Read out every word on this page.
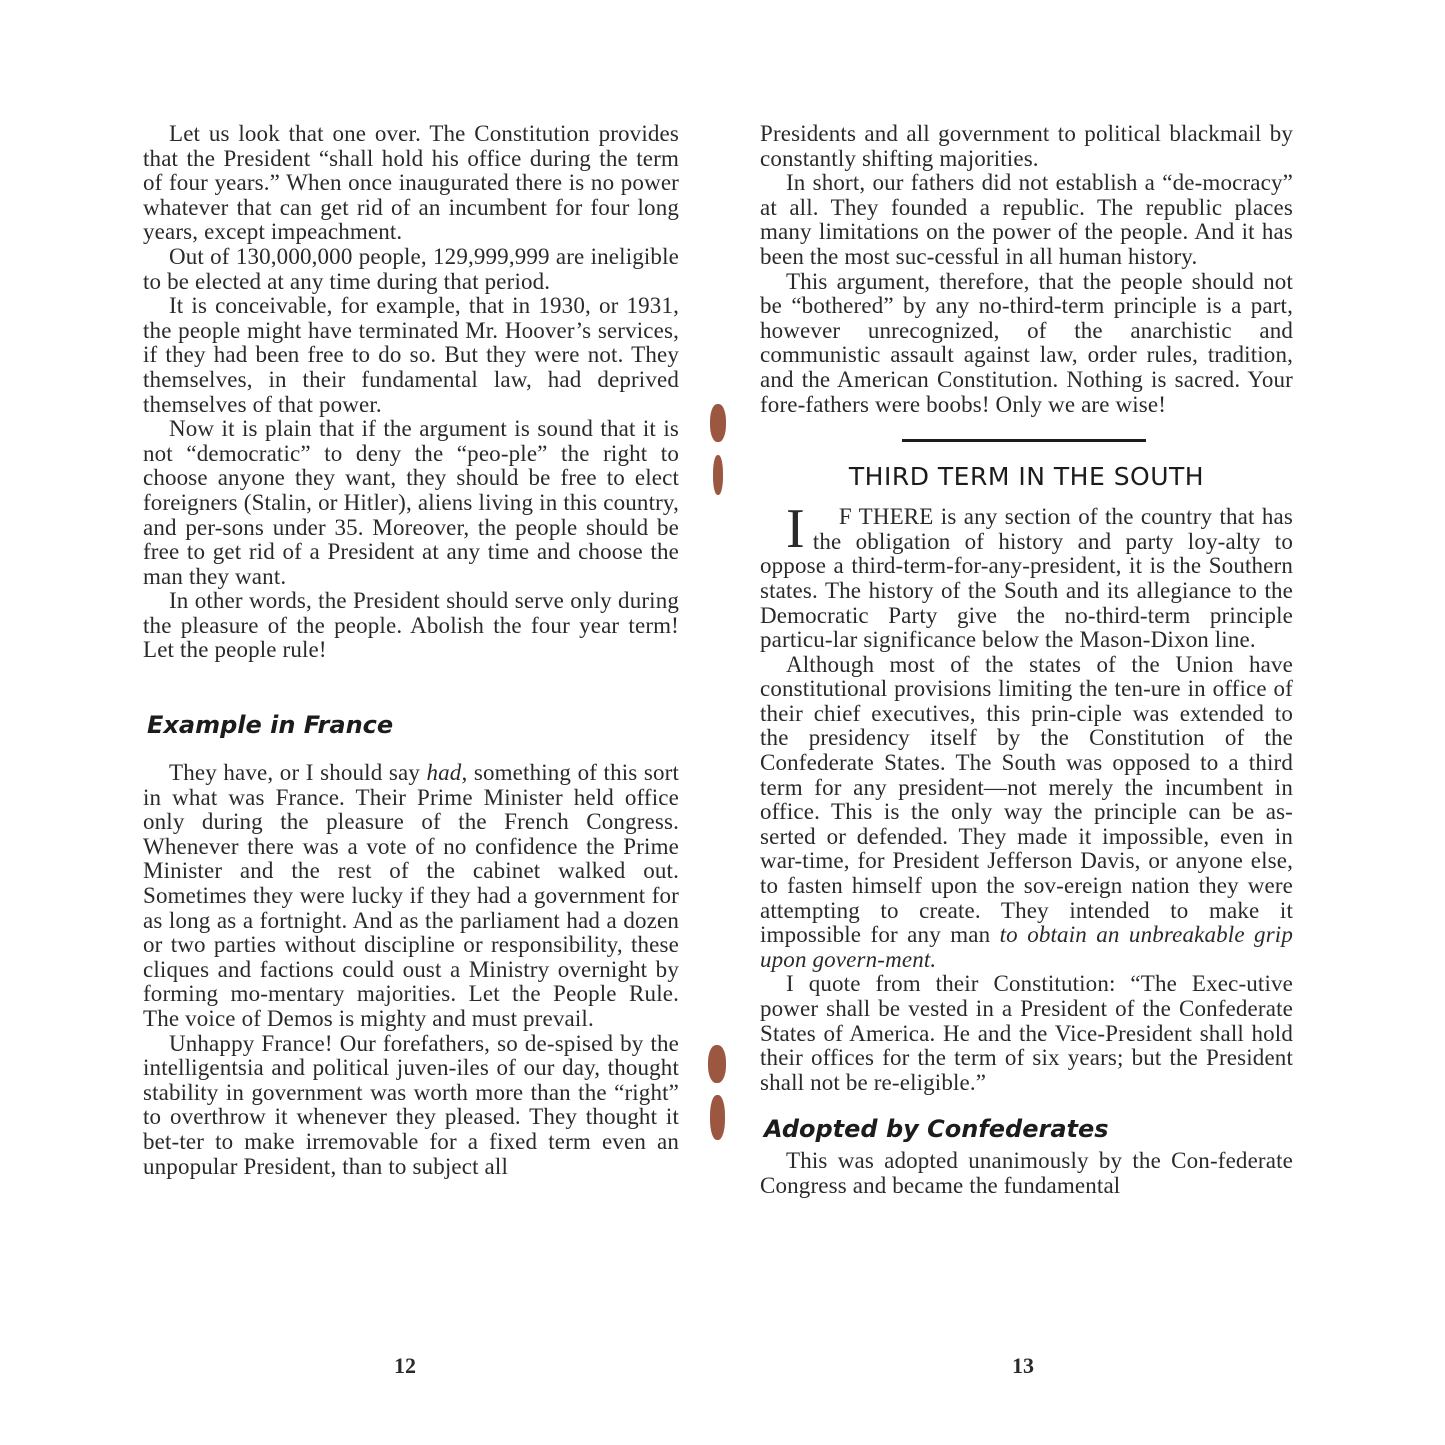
Let us look that one over. The Constitution provides that the President “shall hold his office during the term of four years.” When once inaugurated there is no power whatever that can get rid of an incumbent for four long years, except impeachment.

Out of 130,000,000 people, 129,999,999 are ineligible to be elected at any time during that period.

It is conceivable, for example, that in 1930, or 1931, the people might have terminated Mr. Hoover’s services, if they had been free to do so. But they were not. They themselves, in their fundamental law, had deprived themselves of that power.

Now it is plain that if the argument is sound that it is not “democratic” to deny the “peo-ple” the right to choose anyone they want, they should be free to elect foreigners (Stalin, or Hitler), aliens living in this country, and per-sons under 35. Moreover, the people should be free to get rid of a President at any time and choose the man they want.

In other words, the President should serve only during the pleasure of the people. Abolish the four year term! Let the people rule!

Example in France

They have, or I should say had, something of this sort in what was France. Their Prime Minister held office only during the pleasure of the French Congress. Whenever there was a vote of no confidence the Prime Minister and the rest of the cabinet walked out. Sometimes they were lucky if they had a government for as long as a fortnight. And as the parliament had a dozen or two parties without discipline or responsibility, these cliques and factions could oust a Ministry overnight by forming mo-mentary majorities. Let the People Rule. The voice of Demos is mighty and must prevail.

Unhappy France! Our forefathers, so de-spised by the intelligentsia and political juven-iles of our day, thought stability in government was worth more than the “right” to overthrow it whenever they pleased. They thought it bet-ter to make irremovable for a fixed term even an unpopular President, than to subject all

Presidents and all government to political blackmail by constantly shifting majorities.

In short, our fathers did not establish a “de-mocracy” at all. They founded a republic. The republic places many limitations on the power of the people. And it has been the most suc-cessful in all human history.

This argument, therefore, that the people should not be “bothered” by any no-third-term principle is a part, however unrecognized, of the anarchistic and communistic assault against law, order rules, tradition, and the American Constitution. Nothing is sacred. Your fore-fathers were boobs! Only we are wise!

THIRD TERM IN THE SOUTH

I F THERE is any section of the country that has the obligation of history and party loy-alty to oppose a third-term-for-any-president, it is the Southern states. The history of the South and its allegiance to the Democratic Party give the no-third-term principle particu-lar significance below the Mason-Dixon line.

Although most of the states of the Union have constitutional provisions limiting the ten-ure in office of their chief executives, this prin-ciple was extended to the presidency itself by the Constitution of the Confederate States. The South was opposed to a third term for any president—not merely the incumbent in office. This is the only way the principle can be as-serted or defended. They made it impossible, even in war-time, for President Jefferson Davis, or anyone else, to fasten himself upon the sov-ereign nation they were attempting to create. They intended to make it impossible for any man to obtain an unbreakable grip upon govern-ment.

I quote from their Constitution: “The Exec-utive power shall be vested in a President of the Confederate States of America. He and the Vice-President shall hold their offices for the term of six years; but the President shall not be re-eligible.”

Adopted by Confederates

This was adopted unanimously by the Con-federate Congress and became the fundamental

12	13
